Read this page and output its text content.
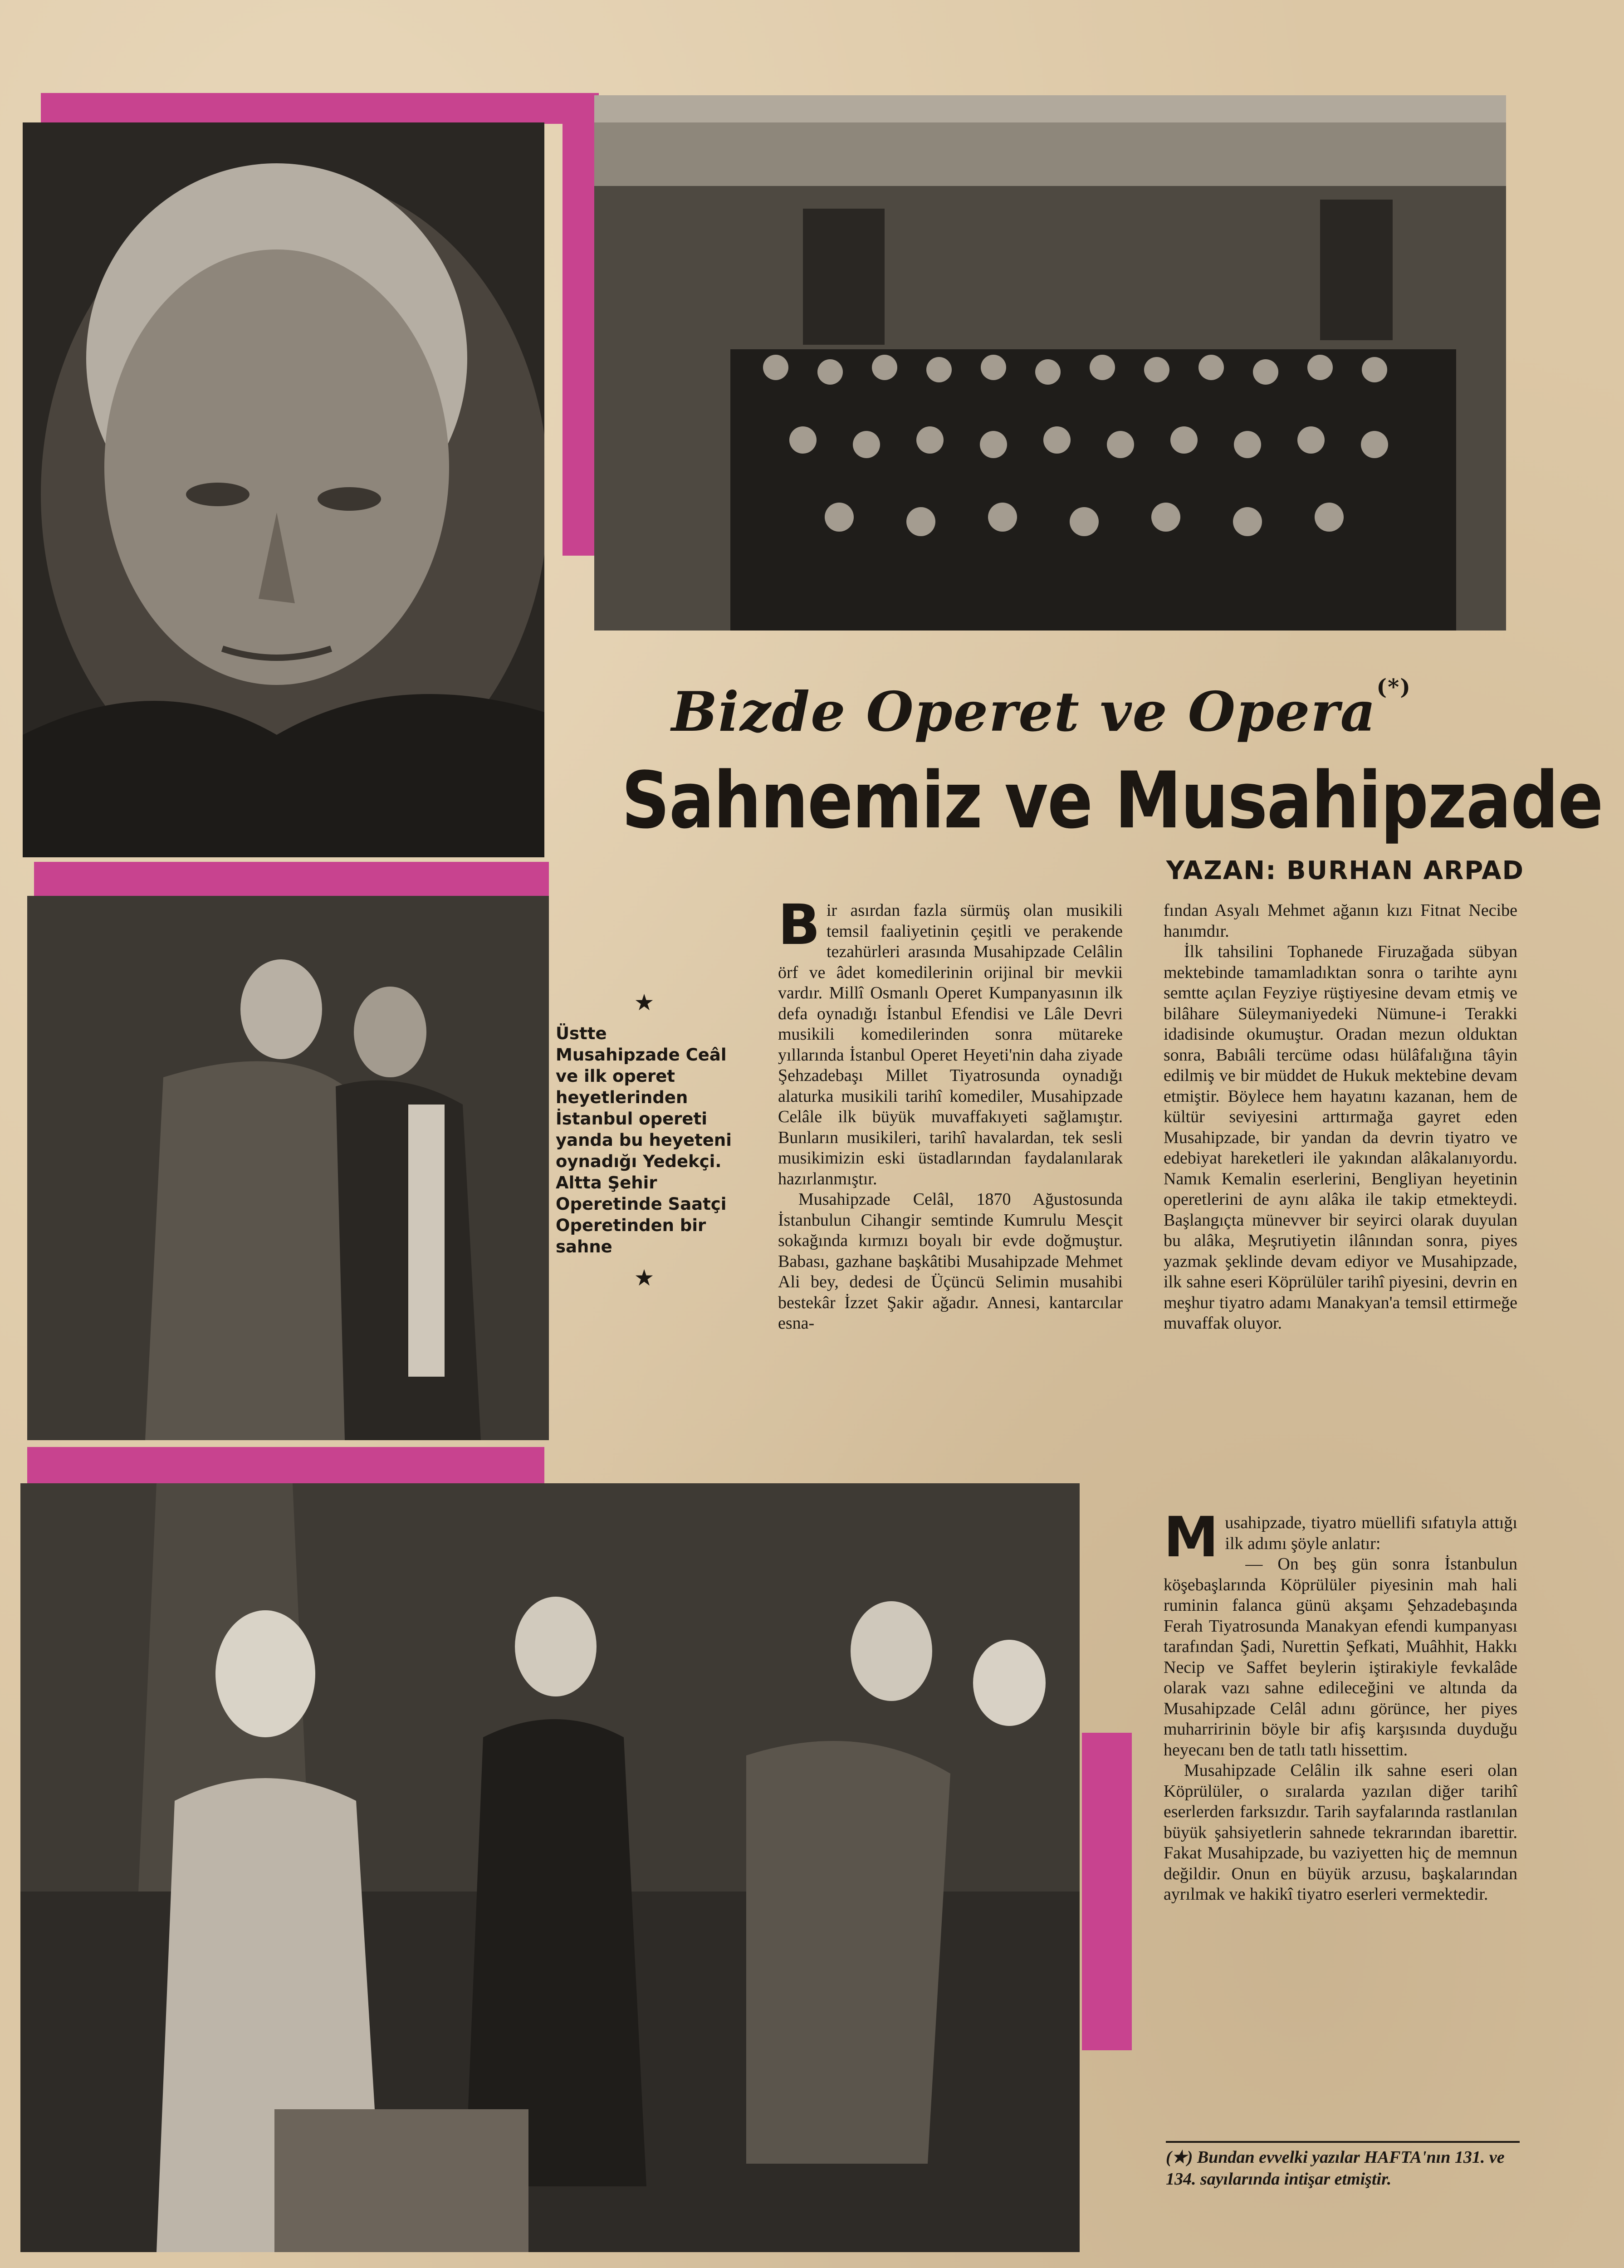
Bizde Operet ve Opera(*)
Sahnemiz ve Musahipzade
YAZAN: BURHAN ARPAD
★
Üstte Musahipzade Ceâl ve ilk operet heyetlerinden İstanbul opereti yanda bu heyeteni oynadığı Yedekçi. Altta Şehir Operetinde Saatçi Operetinden bir sahne
★

Bir asırdan fazla sürmüş olan musikili temsil faaliyetinin çeşitli ve perakende tezahürleri arasında Musahipzade Celâlin örf ve âdet komedilerinin orijinal bir mevkii vardır. Millî Osmanlı Operet Kumpanyasının ilk defa oynadığı İstanbul Efendisi ve Lâle Devri musikili komedilerinden sonra mütareke yıllarında İstanbul Operet Heyeti'nin daha ziyade Şehzadebaşı Millet Tiyatrosunda oynadığı alaturka musikili tarihî komediler, Musahipzade Celâle ilk büyük muvaffakıyeti sağlamıştır. Bunların musikileri, tarihî havalardan, tek sesli musikimizin eski üstadlarından faydalanılarak hazırlanmıştır.

Musahipzade Celâl, 1870 Ağustosunda İstanbulun Cihangir semtinde Kumrulu Mesçit sokağında kırmızı boyalı bir evde doğmuştur. Babası, gazhane başkâtibi Musahipzade Mehmet Ali bey, dedesi de Üçüncü Selimin musahibi bestekâr İzzet Şakir ağadır. Annesi, kantarcılar esna-

fından Asyalı Mehmet ağanın kızı Fitnat Necibe hanımdır.

İlk tahsilini Tophanede Firuzağada sübyan mektebinde tamamladıktan sonra o tarihte aynı semtte açılan Feyziye rüştiyesine devam etmiş ve bilâhare Süleymaniyedeki Nümune-i Terakki idadisinde okumuştur. Oradan mezun olduktan sonra, Babıâli tercüme odası hülâfalığına tâyin edilmiş ve bir müddet de Hukuk mektebine devam etmiştir. Böylece hem hayatını kazanan, hem de kültür seviyesini arttırmağa gayret eden Musahipzade, bir yandan da devrin tiyatro ve edebiyat hareketleri ile yakından alâkalanıyordu. Namık Kemalin eserlerini, Bengliyan heyetinin operetlerini de aynı alâka ile takip etmekteydi. Başlangıçta münevver bir seyirci olarak duyulan bu alâka, Meşrutiyetin ilânından sonra, piyes yazmak şeklinde devam ediyor ve Musahipzade, ilk sahne eseri Köprülüler tarihî piyesini, devrin en meşhur tiyatro adamı Manakyan'a temsil ettirmeğe muvaffak oluyor.

Musahipzade, tiyatro müellifi sıfatıyla attığı ilk adımı şöyle anlatır:

— On beş gün sonra İstanbulun köşebaşlarında Köprülüler piyesinin mah hali ruminin falanca günü akşamı Şehzadebaşında Ferah Tiyatrosunda Manakyan efendi kumpanyası tarafından Şadi, Nurettin Şefkati, Muâhhit, Hakkı Necip ve Saffet beylerin iştirakiyle fevkalâde olarak vazı sahne edileceğini ve altında da Musahipzade Celâl adını görünce, her piyes muharririnin böyle bir afiş karşısında duyduğu heyecanı ben de tatlı tatlı hissettim.

Musahipzade Celâlin ilk sahne eseri olan Köprülüler, o sıralarda yazılan diğer tarihî eserlerden farksızdır. Tarih sayfalarında rastlanılan büyük şahsiyetlerin sahnede tekrarından ibarettir. Fakat Musahipzade, bu vaziyetten hiç de memnun değildir. Onun en büyük arzusu, başkalarından ayrılmak ve hakikî tiyatro eserleri vermektedir.

(★) Bundan evvelki yazılar HAFTA'nın 131. ve 134. sayılarında intişar etmiştir.
